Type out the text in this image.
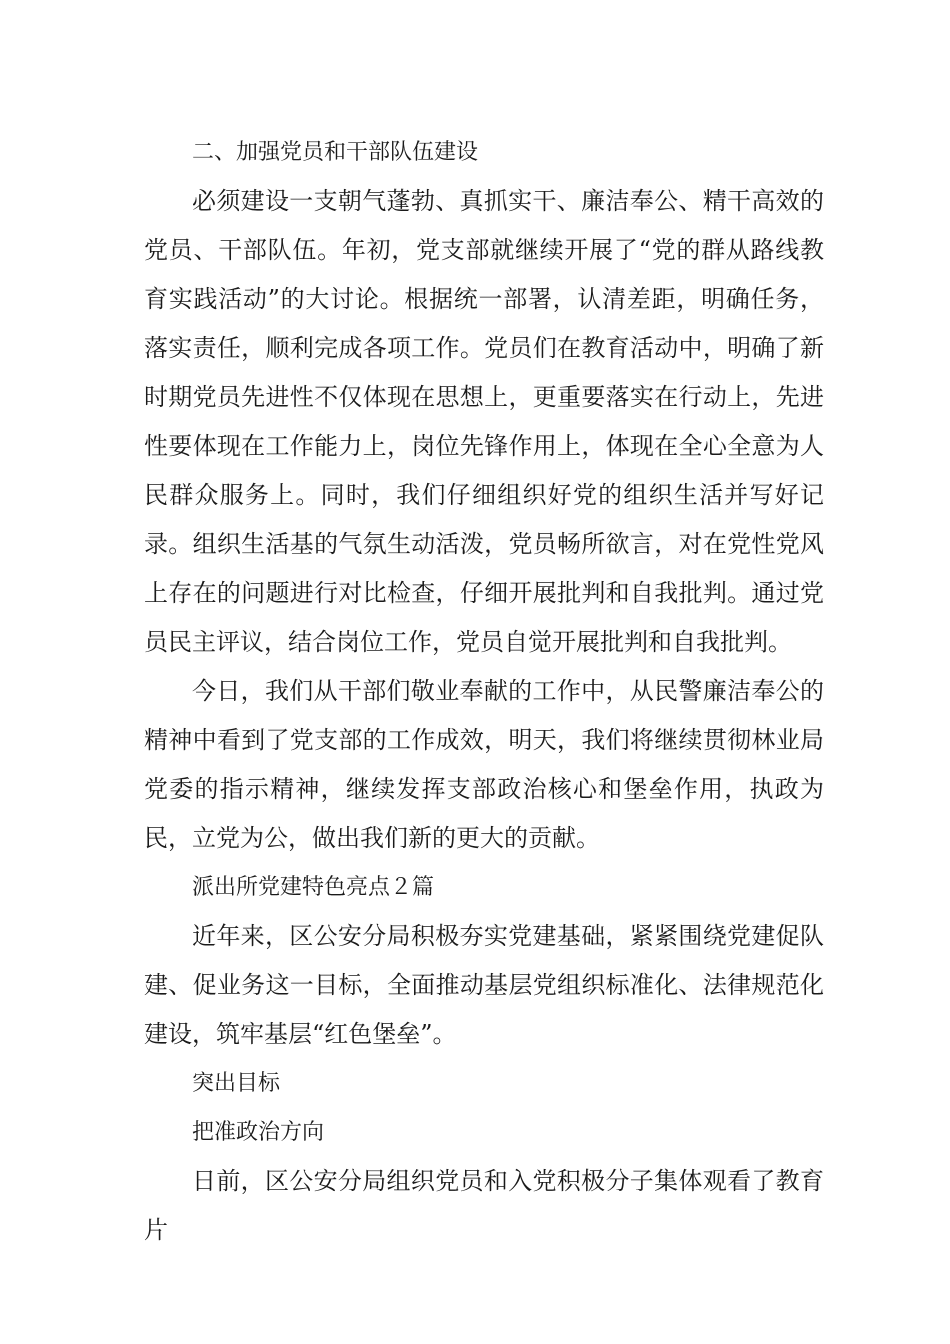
二、加强党员和干部队伍建设

必须建设一支朝气蓬勃、真抓实干、廉洁奉公、精干高效的党员、干部队伍。年初，党支部就继续开展了“党的群从路线教育实践活动”的大讨论。根据统一部署，认清差距，明确任务，落实责任，顺利完成各项工作。党员们在教育活动中，明确了新时期党员先进性不仅体现在思想上，更重要落实在行动上，先进性要体现在工作能力上，岗位先锋作用上，体现在全心全意为人民群众服务上。同时，我们仔细组织好党的组织生活并写好记录。组织生活基的气氛生动活泼，党员畅所欲言，对在党性党风上存在的问题进行对比检查，仔细开展批判和自我批判。通过党员民主评议，结合岗位工作，党员自觉开展批判和自我批判。

今日，我们从干部们敬业奉献的工作中，从民警廉洁奉公的精神中看到了党支部的工作成效，明天，我们将继续贯彻林业局党委的指示精神，继续发挥支部政治核心和堡垒作用，执政为民，立党为公，做出我们新的更大的贡献。

派出所党建特色亮点２篇

近年来，区公安分局积极夯实党建基础，紧紧围绕党建促队建、促业务这一目标，全面推动基层党组织标准化、法律规范化建设，筑牢基层“红色堡垒”。

突出目标

把准政治方向

日前，区公安分局组织党员和入党积极分子集体观看了教育片
